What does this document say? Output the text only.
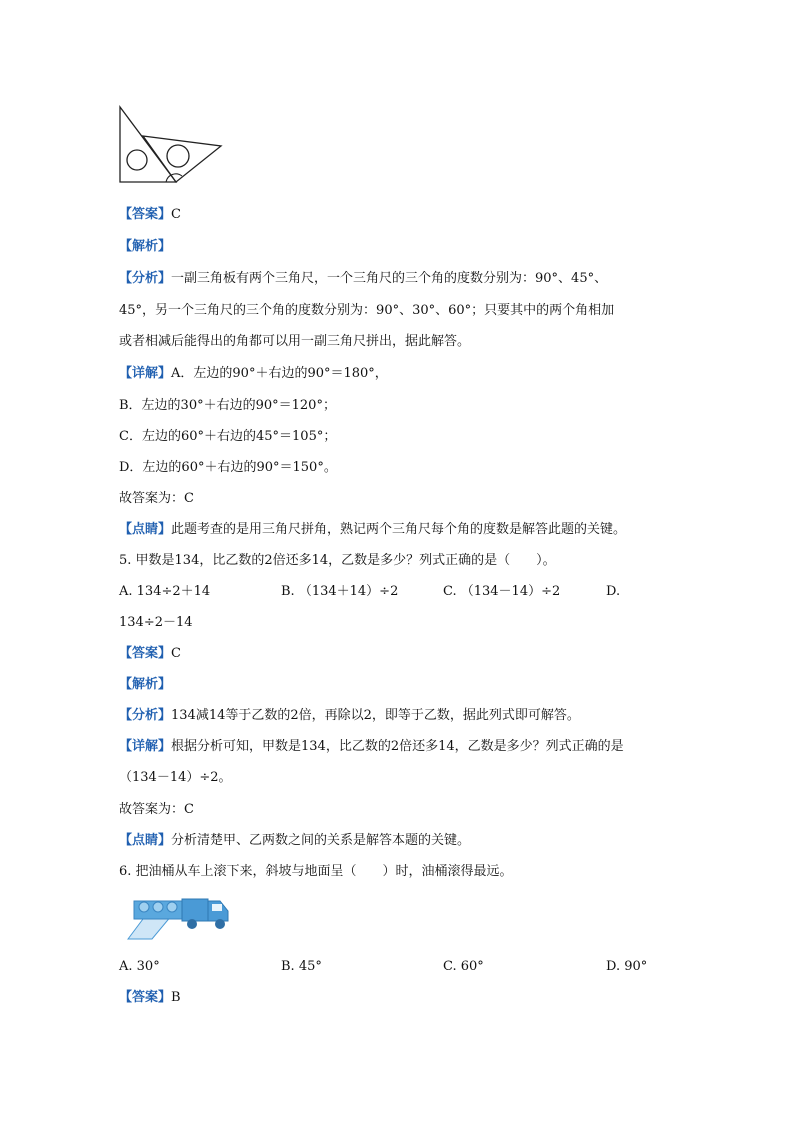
【答案】C
【解析】
【分析】一副三角板有两个三角尺，一个三角尺的三个角的度数分别为：90°、45°、
45°，另一个三角尺的三个角的度数分别为：90°、30°、60°；只要其中的两个角相加
或者相减后能得出的角都可以用一副三角尺拼出，据此解答。
【详解】A．左边的90°＋右边的90°＝180°，
B．左边的30°＋右边的90°＝120°；
C．左边的60°＋右边的45°＝105°；
D．左边的60°＋右边的90°＝150°。
故答案为：C
【点睛】此题考查的是用三角尺拼角，熟记两个三角尺每个角的度数是解答此题的关键。
5. 甲数是134，比乙数的2倍还多14，乙数是多少？列式正确的是（　　）。
A. 134÷2＋14	B. （134＋14）÷2	C. （134－14）÷2	D.
134÷2－14
【答案】C
【解析】
【分析】134减14等于乙数的2倍，再除以2，即等于乙数，据此列式即可解答。
【详解】根据分析可知，甲数是134，比乙数的2倍还多14，乙数是多少？列式正确的是
（134－14）÷2。
故答案为：C
【点睛】分析清楚甲、乙两数之间的关系是解答本题的关键。
6. 把油桶从车上滚下来，斜坡与地面呈（　　）时，油桶滚得最远。
A. 30°	B. 45°	C. 60°	D. 90°
【答案】B
